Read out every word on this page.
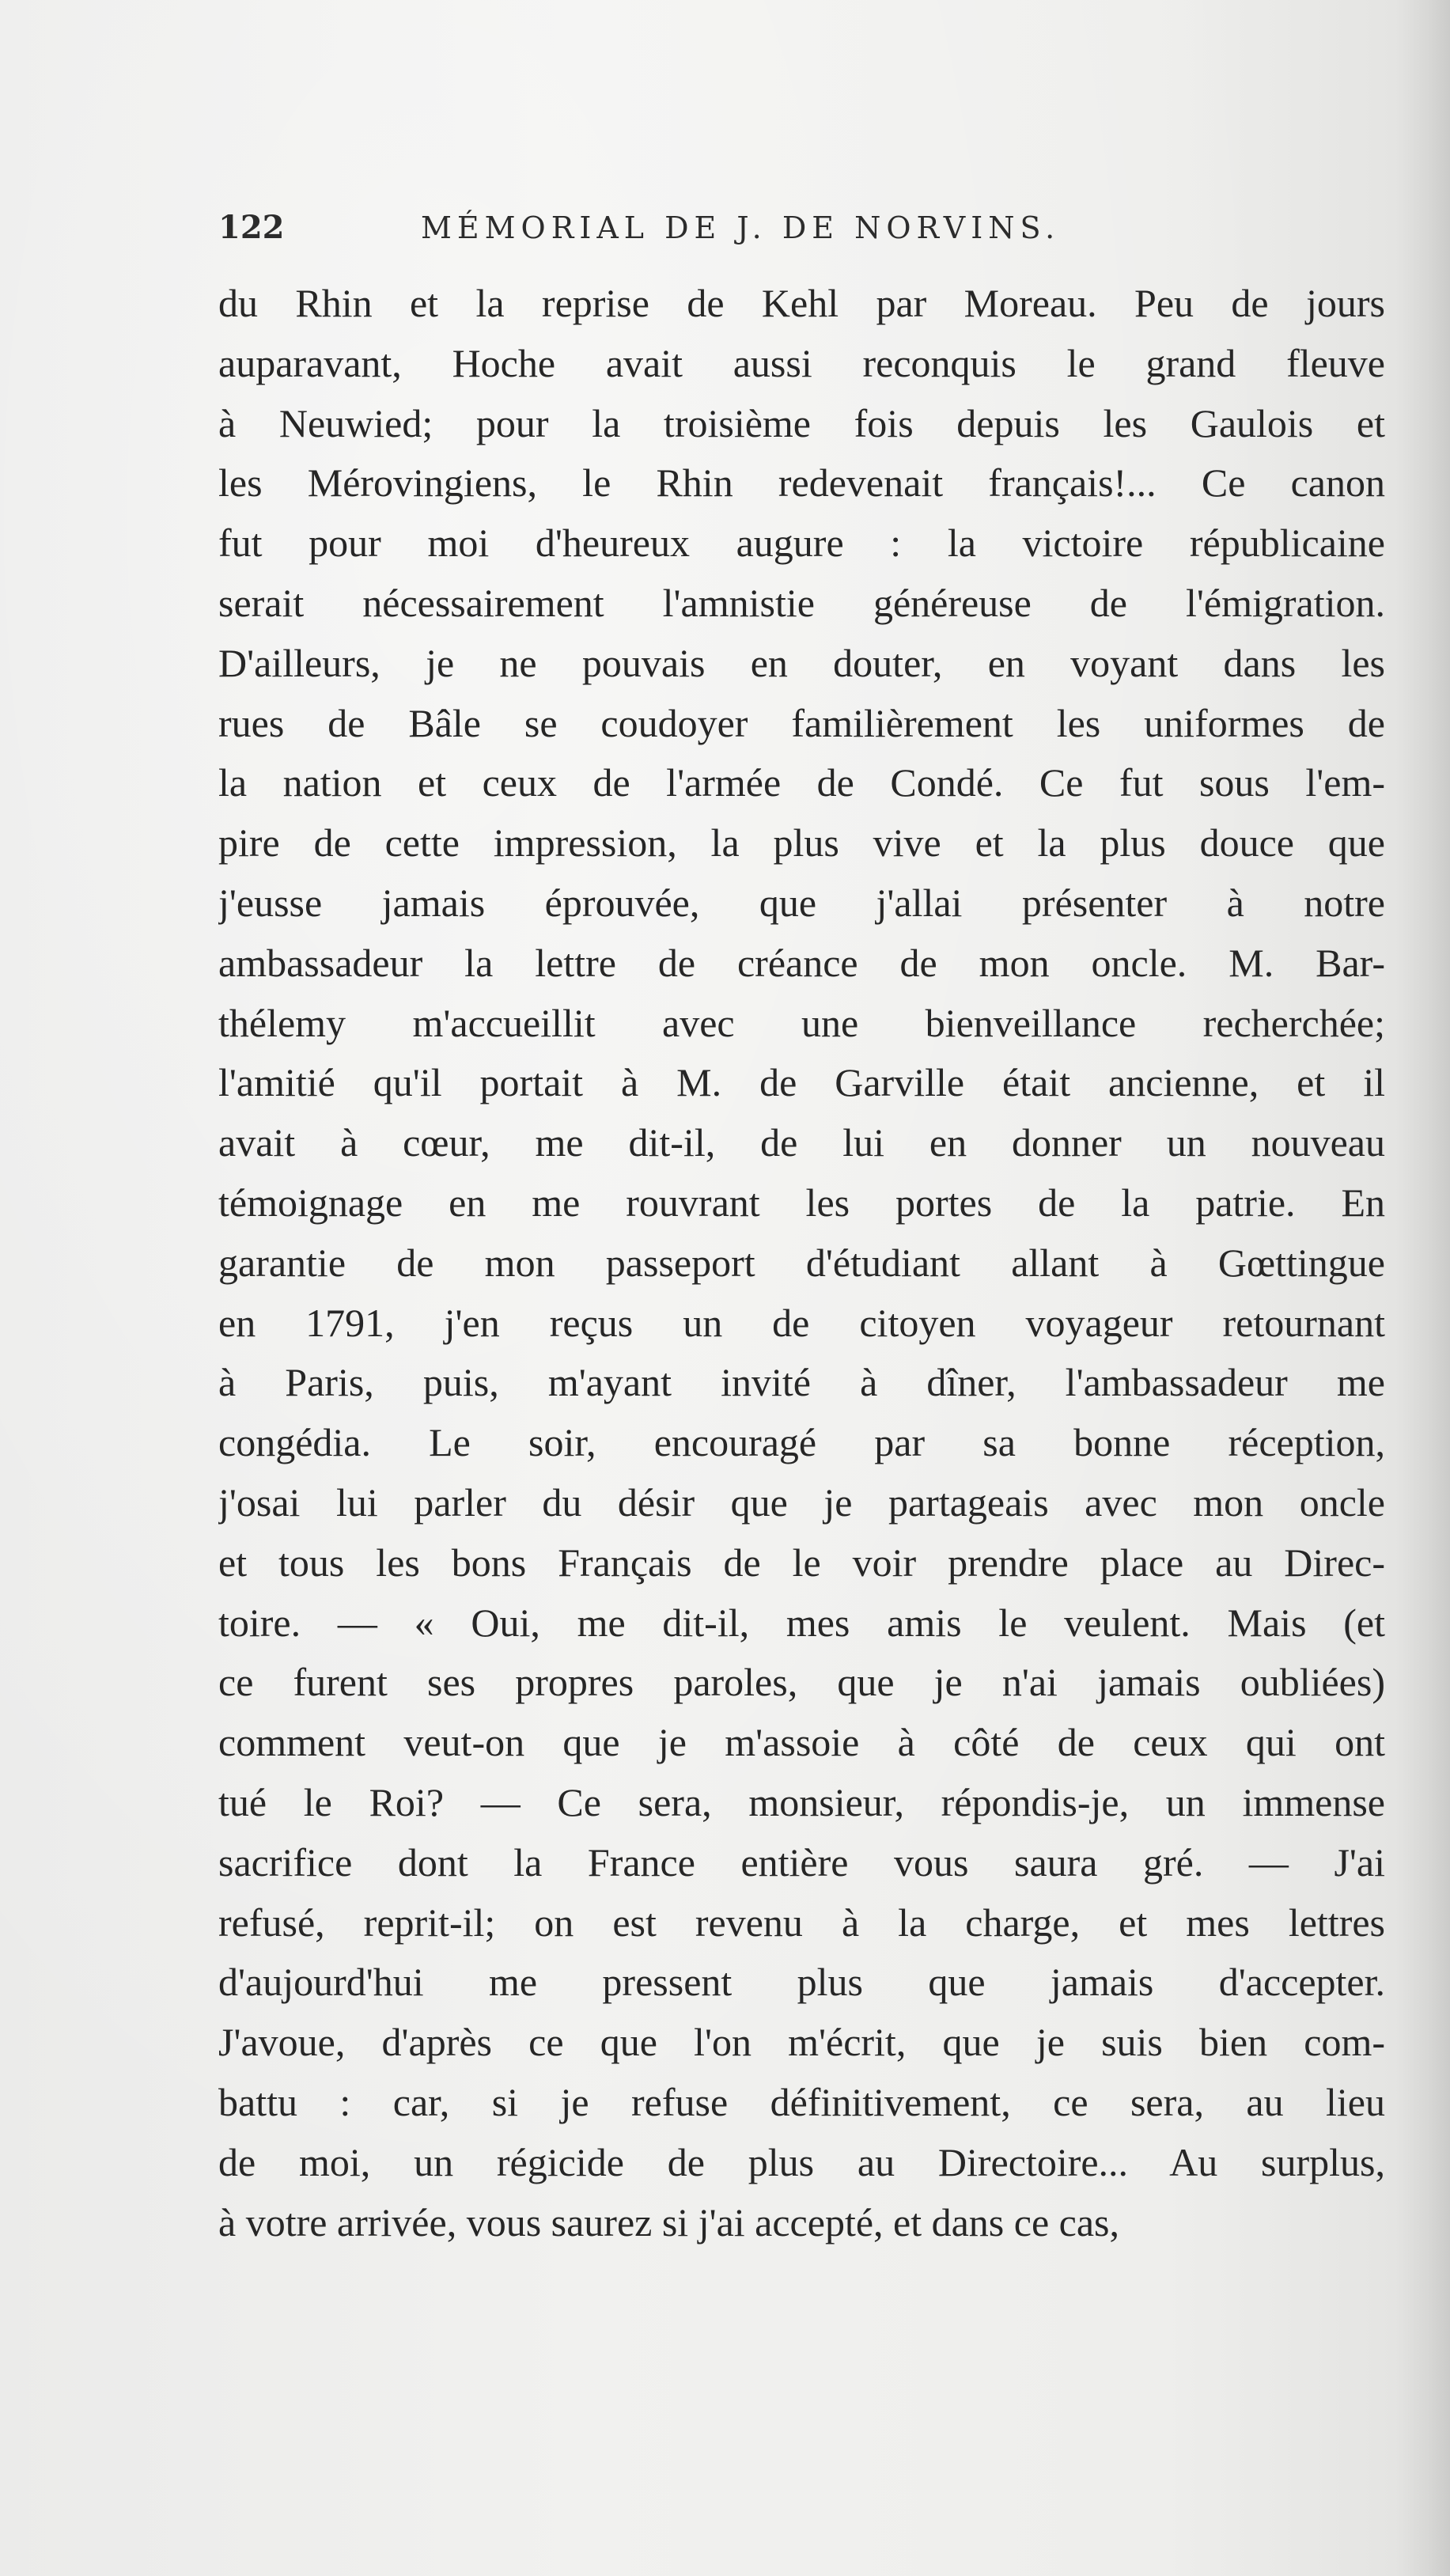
122	MÉMORIAL DE J. DE NORVINS.
du Rhin et la reprise de Kehl par Moreau. Peu de jours
auparavant, Hoche avait aussi reconquis le grand fleuve
à Neuwied; pour la troisième fois depuis les Gaulois et
les Mérovingiens, le Rhin redevenait français!... Ce canon
fut pour moi d'heureux augure : la victoire républicaine
serait nécessairement l'amnistie généreuse de l'émigration.
D'ailleurs, je ne pouvais en douter, en voyant dans les
rues de Bâle se coudoyer familièrement les uniformes de
la nation et ceux de l'armée de Condé. Ce fut sous l'em-
pire de cette impression, la plus vive et la plus douce que
j'eusse jamais éprouvée, que j'allai présenter à notre
ambassadeur la lettre de créance de mon oncle. M. Bar-
thélemy m'accueillit avec une bienveillance recherchée;
l'amitié qu'il portait à M. de Garville était ancienne, et il
avait à cœur, me dit-il, de lui en donner un nouveau
témoignage en me rouvrant les portes de la patrie. En
garantie de mon passeport d'étudiant allant à Gœttingue
en 1791, j'en reçus un de citoyen voyageur retournant
à Paris, puis, m'ayant invité à dîner, l'ambassadeur me
congédia. Le soir, encouragé par sa bonne réception,
j'osai lui parler du désir que je partageais avec mon oncle
et tous les bons Français de le voir prendre place au Direc-
toire. — « Oui, me dit-il, mes amis le veulent. Mais (et
ce furent ses propres paroles, que je n'ai jamais oubliées)
comment veut-on que je m'assoie à côté de ceux qui ont
tué le Roi? — Ce sera, monsieur, répondis-je, un immense
sacrifice dont la France entière vous saura gré. — J'ai
refusé, reprit-il; on est revenu à la charge, et mes lettres
d'aujourd'hui me pressent plus que jamais d'accepter.
J'avoue, d'après ce que l'on m'écrit, que je suis bien com-
battu : car, si je refuse définitivement, ce sera, au lieu
de moi, un régicide de plus au Directoire... Au surplus,
à votre arrivée, vous saurez si j'ai accepté, et dans ce cas,
